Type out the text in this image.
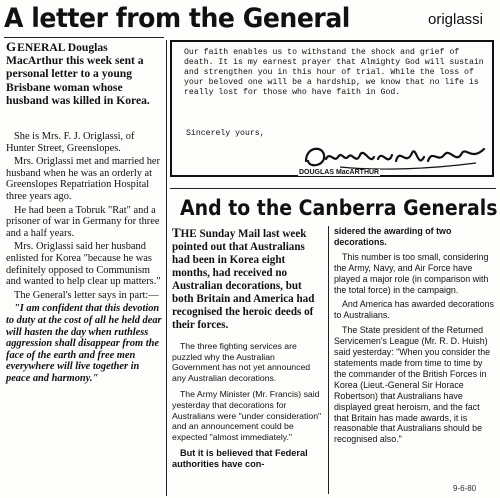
A letter from the General	origlassi
GENERAL Douglas MacArthur this week sent a personal letter to a young Brisbane woman whose husband was killed in Korea.

She is Mrs. F. J. Origlassi, of Hunter Street, Greenslopes.

Mrs. Origlassi met and married her husband when he was an orderly at Greenslopes Repatriation Hospital three years ago.

He had been a Tobruk "Rat" and a prisoner of war in Germany for three and a half years.

Mrs. Origlassi said her husband enlisted for Korea "because he was definitely opposed to Communism and wanted to help clear up matters."

The General's letter says in part:—

"I am confident that this devotion to duty at the cost of all he held dear will hasten the day when ruthless aggression shall disappear from the face of the earth and free men everywhere will live together in peace and harmony."

Our faith enables us to withstand the shock and grief of death. It is my earnest prayer that Almighty God will sustain and strengthen you in this hour of trial. While the loss of your beloved one will be a hardship, we know that no life is really lost for those who have faith in God.
Sincerely yours,
DOUGLAS MacARTHUR
And to the Canberra Generals
THE Sunday Mail last week pointed out that Australians had been in Korea eight months, had received no Australian decorations, but both Britain and America had recognised the heroic deeds of their forces.

The three fighting services are puzzled why the Australian Government has not yet announced any Australian decorations.

The Army Minister (Mr. Francis) said yesterday that decorations for Australians were "under consideration" and an announcement could be expected "almost immediately."

But it is believed that Federal authorities have con-

sidered the awarding of two decorations.

This number is too small, considering the Army, Navy, and Air Force have played a major role (in comparison with the total force) in the campaign.

And America has awarded decorations to Australians.

The State president of the Returned Servicemen's League (Mr. R. D. Huish) said yesterday: "When you consider the statements made from time to time by the commander of the British Forces in Korea (Lieut.-General Sir Horace Robertson) that Australians have displayed great heroism, and the fact that Britain has made awards, it is reasonable that Australians should be recognised also."

9-6-80
